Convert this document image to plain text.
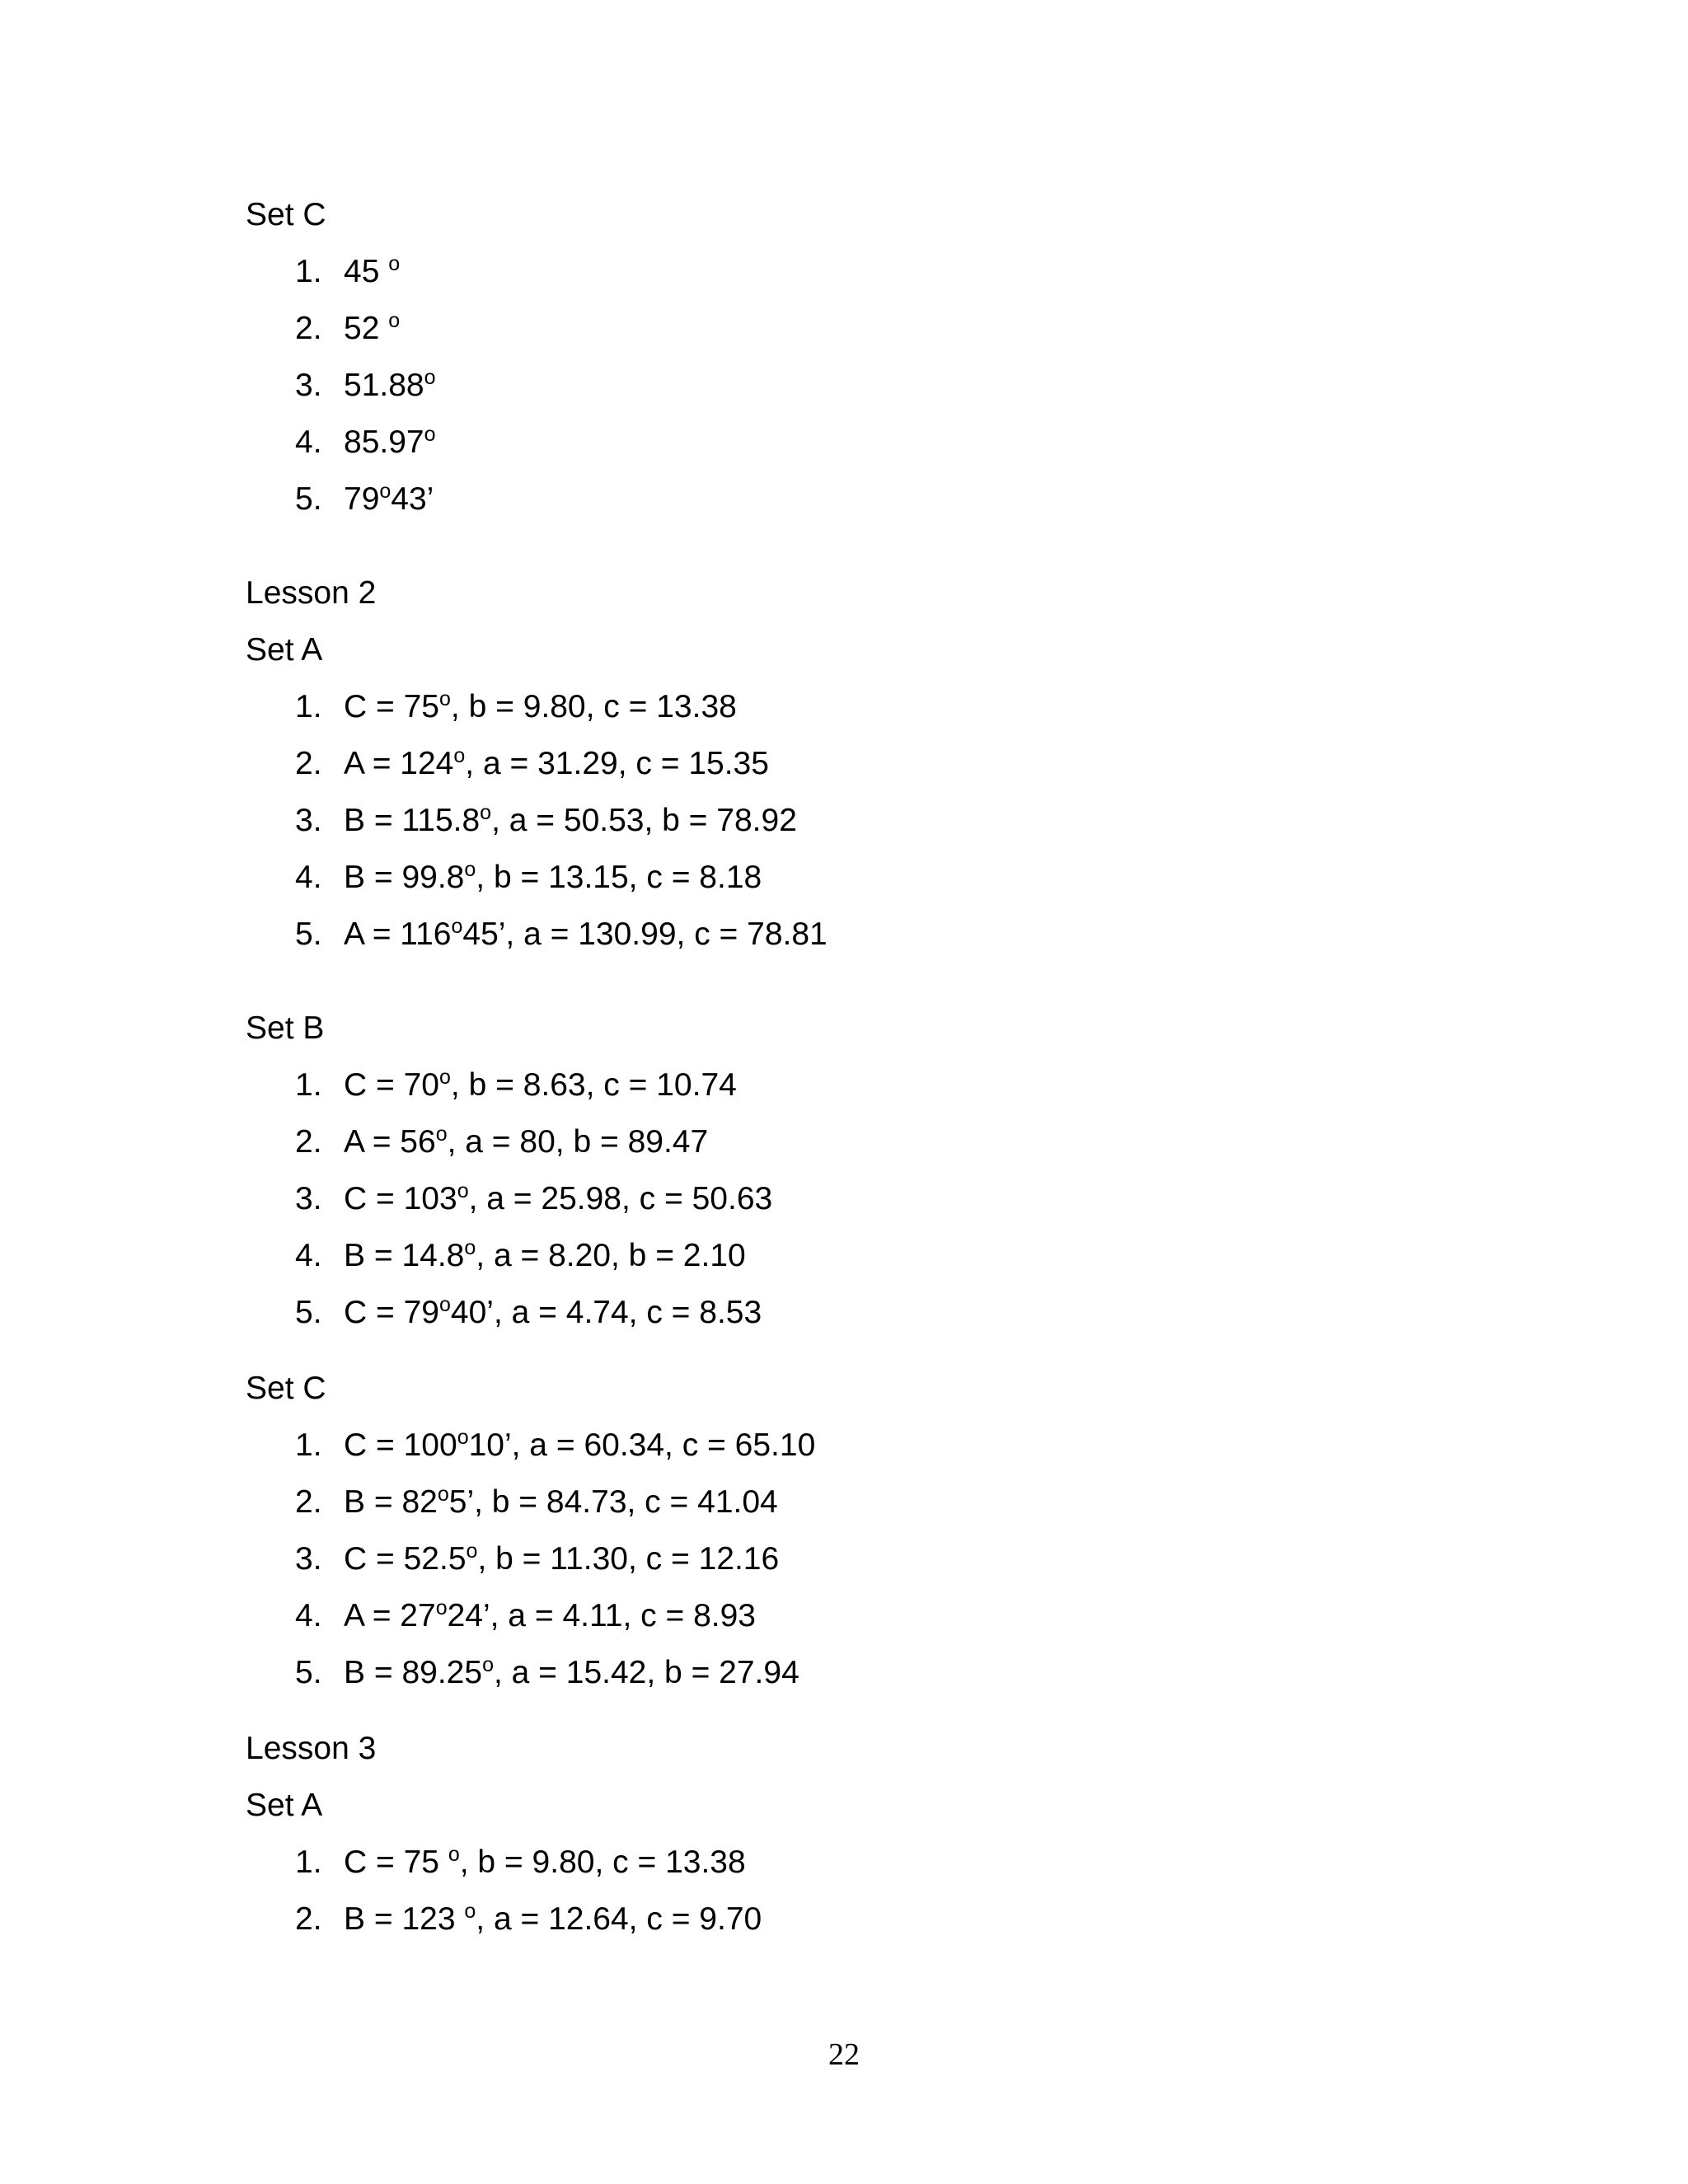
Set C
1. 45 $^o$
2. 52 $^o$
3. 51.88$^o$
4. 85.97$^o$
5. 79$^o$43’
Lesson 2
Set A
1. $C = 75^o$, b = 9.80, c = 13.38
2. $A = 124^o$, a = 31.29, c = 15.35
3. $B = 115.8^o$, a = 50.53, b = 78.92
4. $B = 99.8^o$, b = 13.15, c = 8.18
5. $A = 116^o45$’, a = 130.99, c = 78.81
Set B
1. $C = 70^o$, b = 8.63, c = 10.74
2. $A = 56^o$, a = 80, b = 89.47
3. $C = 103^o$, a = 25.98, c = 50.63
4. $B = 14.8^o$, a = 8.20, b = 2.10
5. $C = 79^o40$’, a = 4.74, c = 8.53
Set C
1. $C = 100^o10$’, a = 60.34, c = 65.10
2. $B = 82^o5$’, b = 84.73, c = 41.04
3. $C = 52.5^o$, b = 11.30, c = 12.16
4. $A = 27^o24$’, a = 4.11, c = 8.93
5. $B = 89.25^o$, a = 15.42, b = 27.94
Lesson 3
Set A
1. C = 75 $^o$, b = 9.80, c = 13.38
2. B = 123 $^o$, a = 12.64, c = 9.70
22
